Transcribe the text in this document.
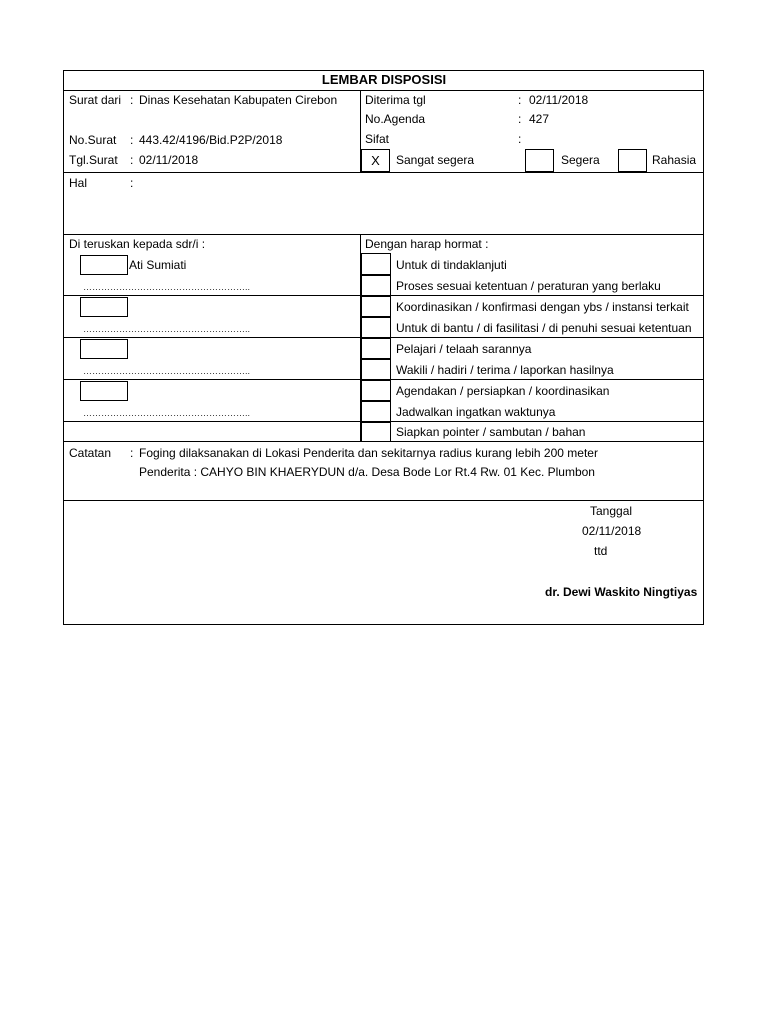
LEMBAR DISPOSISI
Surat dari : Dinas Kesehatan Kabupaten Cirebon
No.Surat : 443.42/4196/Bid.P2P/2018
Tgl.Surat : 02/11/2018
Diterima tgl	: 02/11/2018
No.Agenda	: 427
Sifat	:
X	Sangat segera	Segera	Rahasia
Hal	:
Di teruskan kepada sdr/i :	Dengan harap hormat :
Ati Sumiati
………………………………………………..
………………………………………………..
………………………………………………..
………………………………………………..
Untuk di tindaklanjuti
Proses sesuai ketentuan / peraturan yang berlaku
Koordinasikan / konfirmasi dengan ybs / instansi terkait
Untuk di bantu / di fasilitasi / di penuhi sesuai ketentuan
Pelajari / telaah sarannya
Wakili / hadiri / terima / laporkan hasilnya
Agendakan / persiapkan / koordinasikan
Jadwalkan ingatkan waktunya
Siapkan pointer / sambutan / bahan
Catatan : Foging dilaksanakan di Lokasi Penderita dan sekitarnya radius kurang lebih 200 meter
Penderita : CAHYO BIN KHAERYDUN d/a. Desa Bode Lor Rt.4 Rw. 01 Kec. Plumbon
Tanggal
02/11/2018
ttd
dr. Dewi Waskito Ningtiyas
